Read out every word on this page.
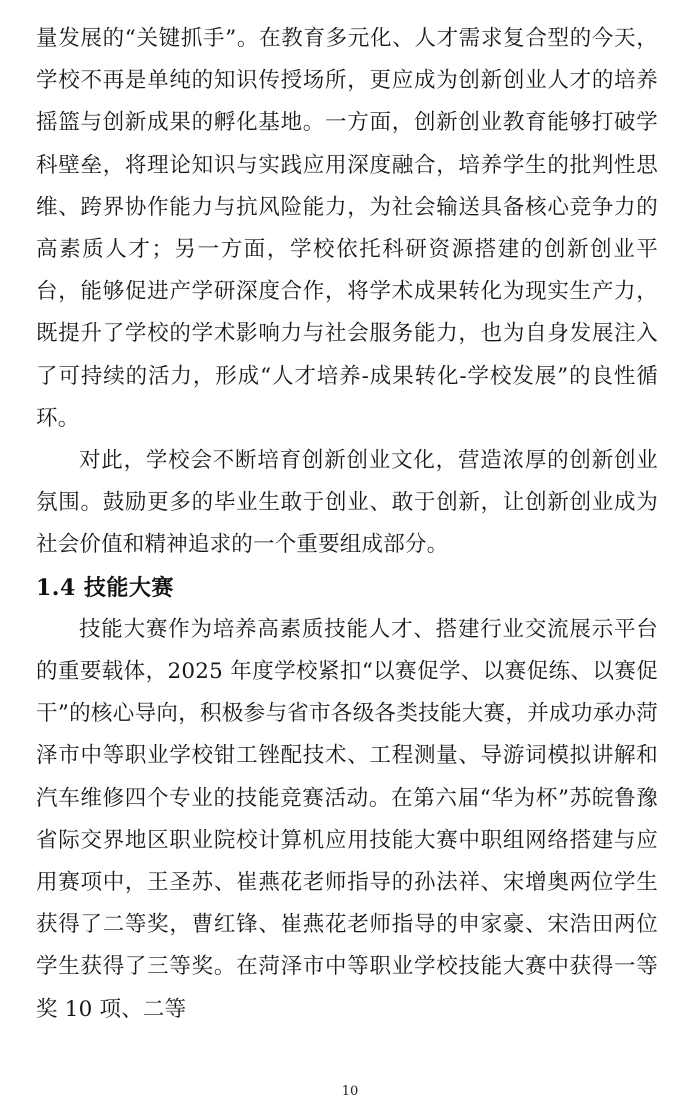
量发展的“关键抓手”。在教育多元化、人才需求复合型的今天，学校不再是单纯的知识传授场所，更应成为创新创业人才的培养摇篮与创新成果的孵化基地。一方面，创新创业教育能够打破学科壁垒，将理论知识与实践应用深度融合，培养学生的批判性思维、跨界协作能力与抗风险能力，为社会输送具备核心竞争力的高素质人才；另一方面，学校依托科研资源搭建的创新创业平台，能够促进产学研深度合作，将学术成果转化为现实生产力，既提升了学校的学术影响力与社会服务能力，也为自身发展注入了可持续的活力，形成“人才培养-成果转化-学校发展”的良性循环。

对此，学校会不断培育创新创业文化，营造浓厚的创新创业氛围。鼓励更多的毕业生敢于创业、敢于创新，让创新创业成为社会价值和精神追求的一个重要组成部分。

1.4 技能大赛

技能大赛作为培养高素质技能人才、搭建行业交流展示平台的重要载体，2025 年度学校紧扣“以赛促学、以赛促练、以赛促干”的核心导向，积极参与省市各级各类技能大赛，并成功承办菏泽市中等职业学校钳工锉配技术、工程测量、导游词模拟讲解和汽车维修四个专业的技能竞赛活动。在第六届“华为杯”苏皖鲁豫省际交界地区职业院校计算机应用技能大赛中职组网络搭建与应用赛项中，王圣苏、崔燕花老师指导的孙法祥、宋增奥两位学生获得了二等奖，曹红锋、崔燕花老师指导的申家豪、宋浩田两位学生获得了三等奖。在菏泽市中等职业学校技能大赛中获得一等奖 10 项、二等

10
